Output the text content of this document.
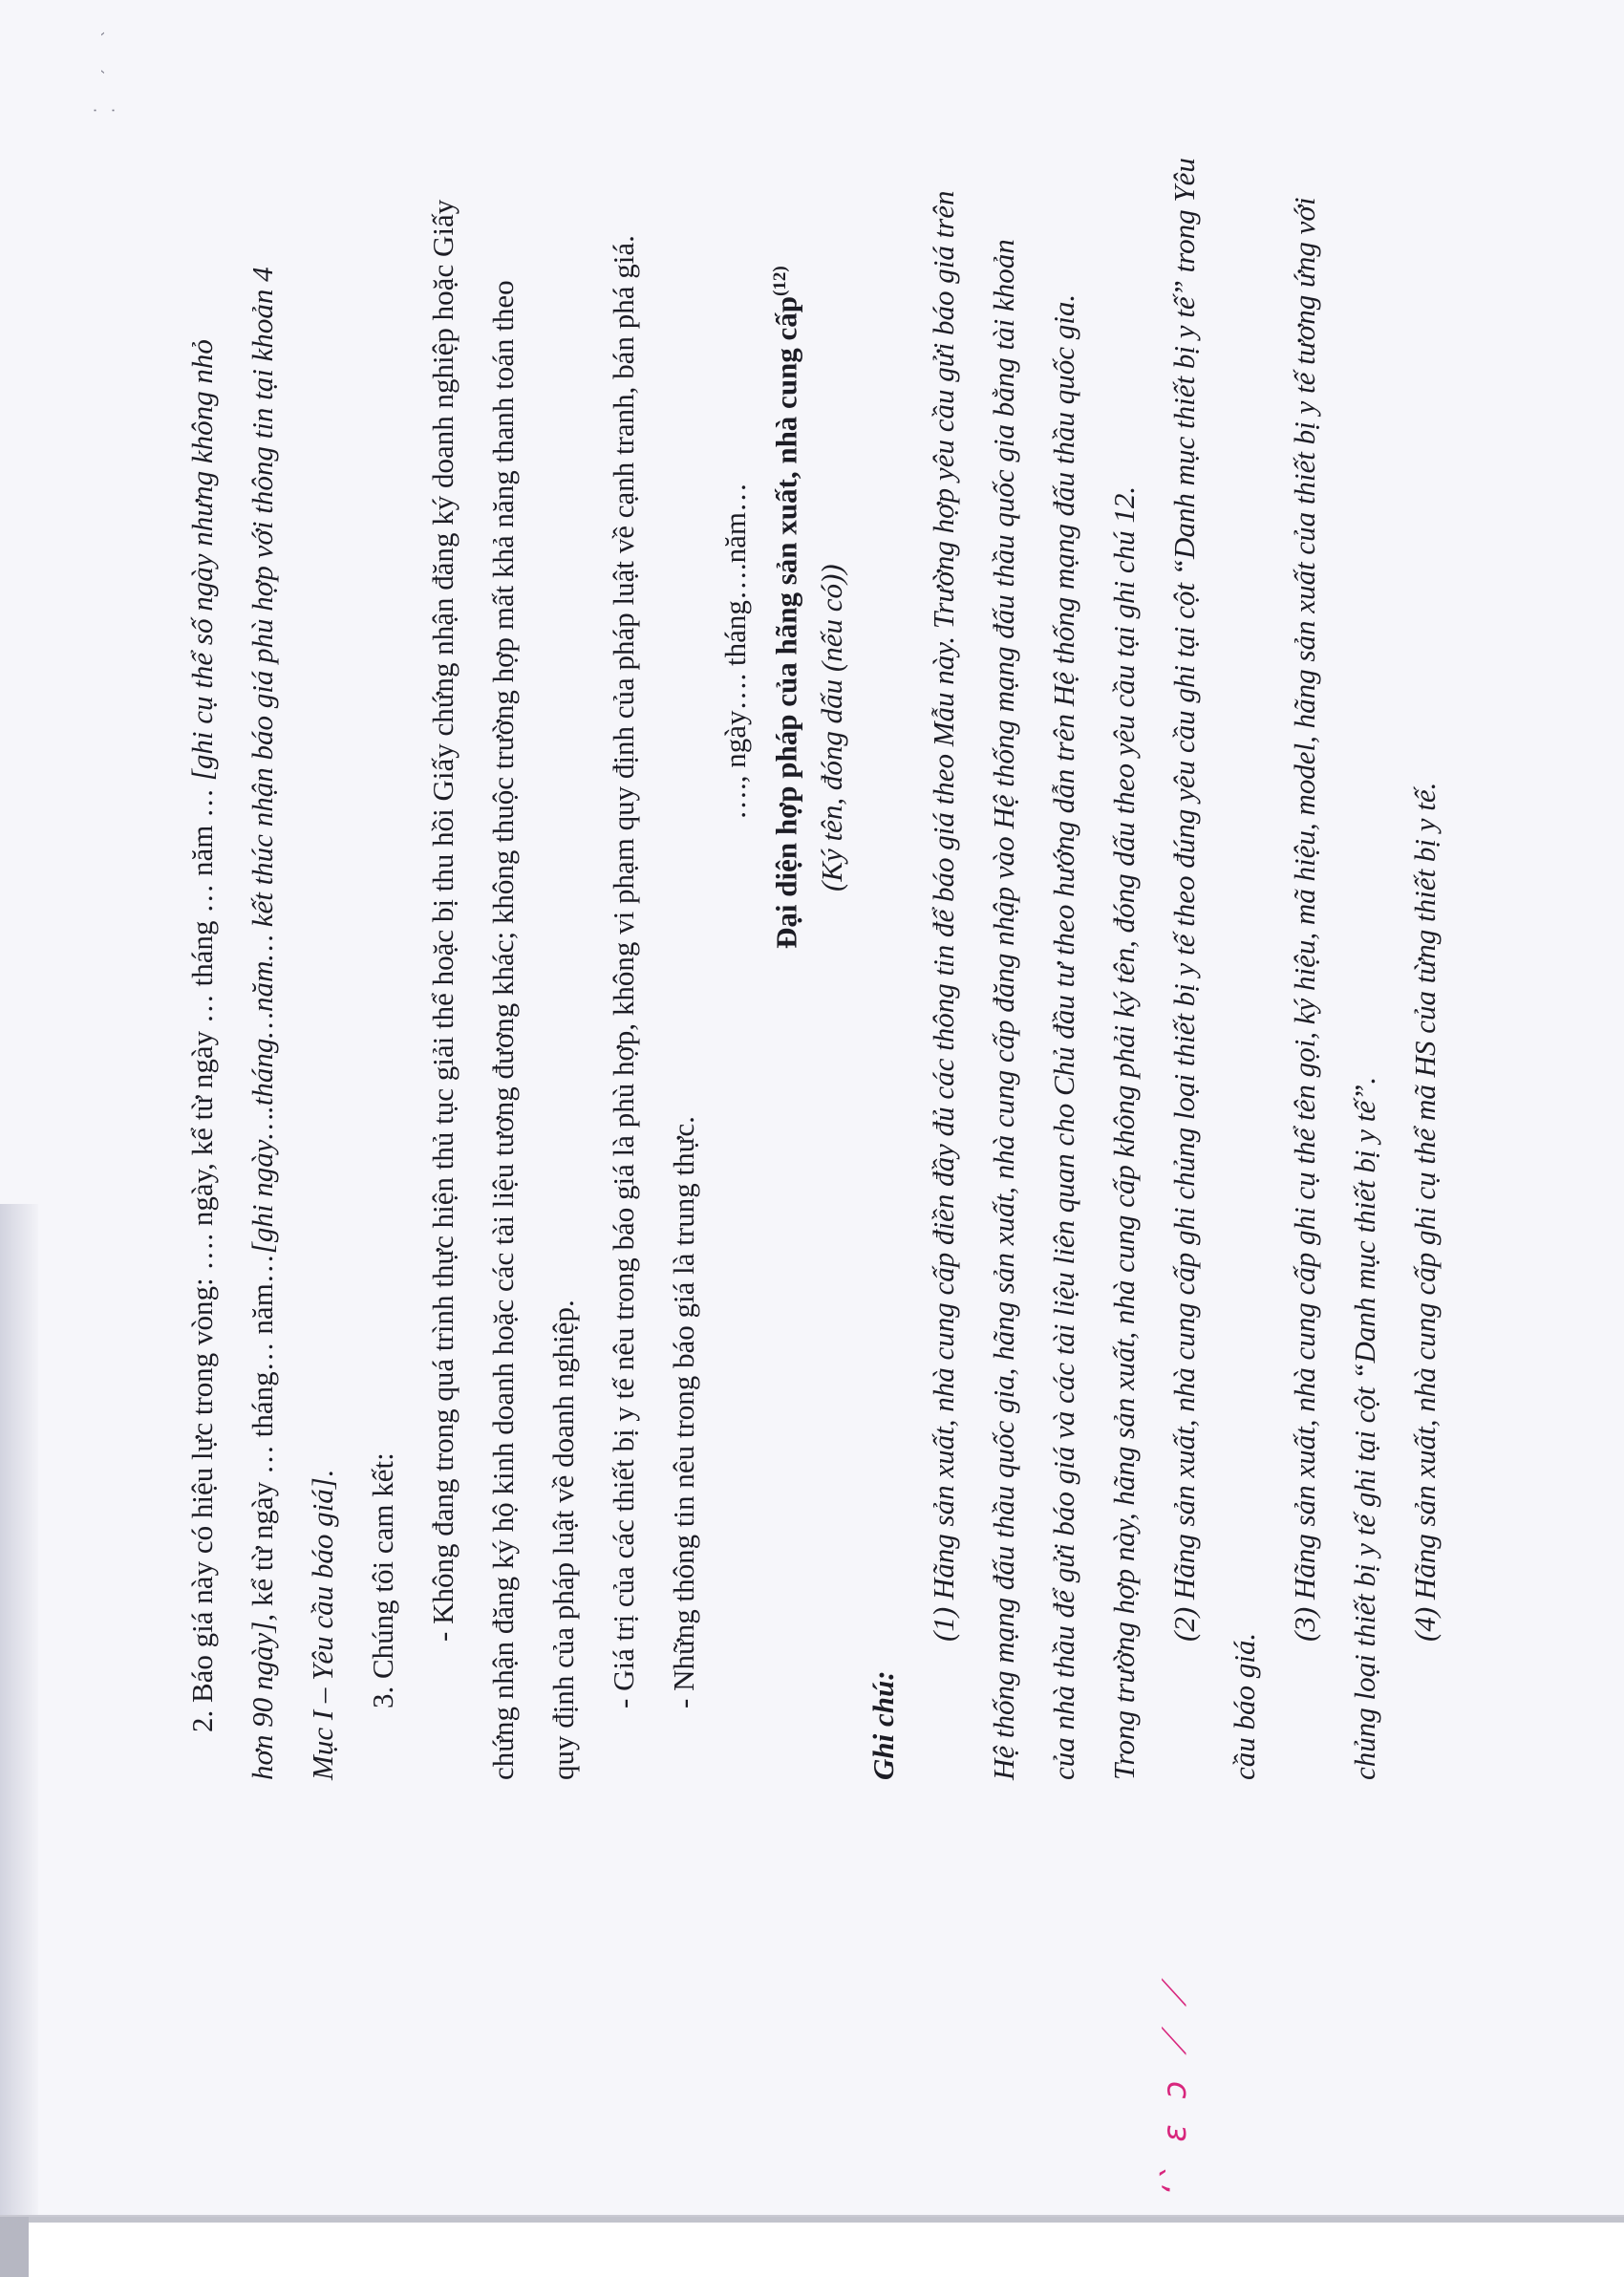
2. Báo giá này có hiệu lực trong vòng: …. ngày, kể từ ngày … tháng … năm … [ghi cụ thể số ngày nhưng không nhỏ

hơn 90 ngày], kể từ ngày … tháng… năm…[ghi ngày….tháng…năm… kết thúc nhận báo giá phù hợp với thông tin tại khoản 4

Mục I – Yêu cầu báo giá]. 3. Chúng tôi cam kết: - Không đang trong quá trình thực hiện thủ tục giải thể hoặc bị thu hồi Giấy chứng nhận đăng ký doanh nghiệp hoặc Giấy chứng nhận đăng ký hộ kinh doanh hoặc các tài liệu tương đương khác; không thuộc trường hợp mất khả năng thanh toán theo quy định của pháp luật về doanh nghiệp. - Giá trị của các thiết bị y tế nêu trong báo giá là phù hợp, không vi phạm quy định của pháp luật về cạnh tranh, bán phá giá. - Những thông tin nêu trong báo giá là trung thực.

…., ngày…. tháng….năm… Đại diện hợp pháp của hãng sản xuất, nhà cung cấp$^{(12)}$

(Ký tên, đóng dấu (nếu có))

Ghi chú:

(1) Hãng sản xuất, nhà cung cấp điền đầy đủ các thông tin để báo giá theo Mẫu này. Trường hợp yêu cầu gửi báo giá trên Hệ thống mạng đấu thầu quốc gia, hãng sản xuất, nhà cung cấp đăng nhập vào Hệ thống mạng đấu thầu quốc gia bằng tài khoản của nhà thầu để gửi báo giá và các tài liệu liên quan cho Chủ đầu tư theo hướng dẫn trên Hệ thống mạng đấu thầu quốc gia. Trong trường hợp này, hãng sản xuất, nhà cung cấp không phải ký tên, đóng dấu theo yêu cầu tại ghi chú 12. (2) Hãng sản xuất, nhà cung cấp ghi chủng loại thiết bị y tế theo đúng yêu cầu ghi tại cột “Danh mục thiết bị y tế” trong Yêu

cầu báo giá.

(3) Hãng sản xuất, nhà cung cấp ghi cụ thể tên gọi, ký hiệu, mã hiệu, model, hãng sản xuất của thiết bị y tế tương ứng với chủng loại thiết bị y tế ghi tại cột “Danh mục thiết bị y tế”. (4) Hãng sản xuất, nhà cung cấp ghi cụ thể mã HS của từng thiết bị y tế.

ʻ ̀ ɛ ɔ ⟋ ⟋
· ˏ ˎ ·
